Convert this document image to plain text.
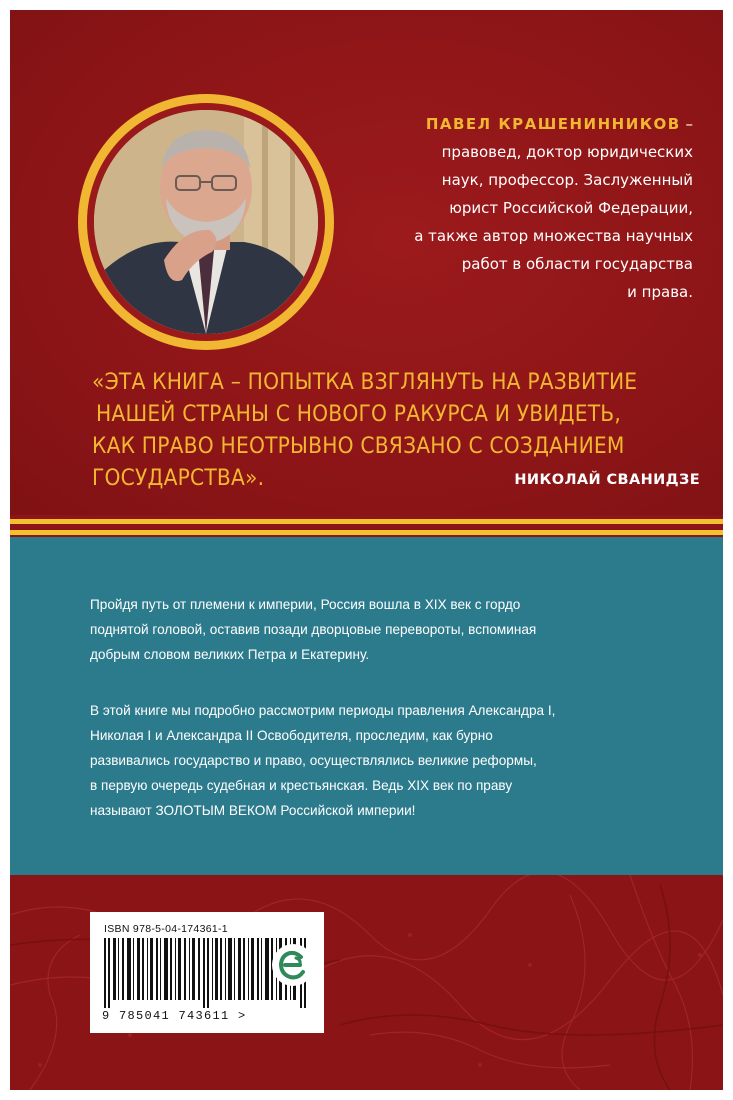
ПАВЕЛ КРАШЕНИННИКОВ –
правовед, доктор юридических
наук, профессор. Заслуженный
юрист Российской Федерации,
а также автор множества научных
работ в области государства
и права.
«ЭТА КНИГА – ПОПЫТКА ВЗГЛЯНУТЬ НА РАЗВИТИЕ
НАШЕЙ СТРАНЫ С НОВОГО РАКУРСА И УВИДЕТЬ,
КАК ПРАВО НЕОТРЫВНО СВЯЗАНО С СОЗДАНИЕМ
ГОСУДАРСТВА».	НИКОЛАЙ СВАНИДЗЕ
Пройдя путь от племени к империи, Россия вошла в XIX век с гордо
поднятой головой, оставив позади дворцовые перевороты, вспоминая
добрым словом великих Петра и Екатерину.
В этой книге мы подробно рассмотрим периоды правления Александра I,
Николая I и Александра II Освободителя, проследим, как бурно
развивались государство и право, осуществлялись великие реформы,
в первую очередь судебная и крестьянская. Ведь XIX век по праву
называют ЗОЛОТЫМ ВЕКОМ Российской империи!
ISBN 978-5-04-174361-1
9 785041 743611 >
